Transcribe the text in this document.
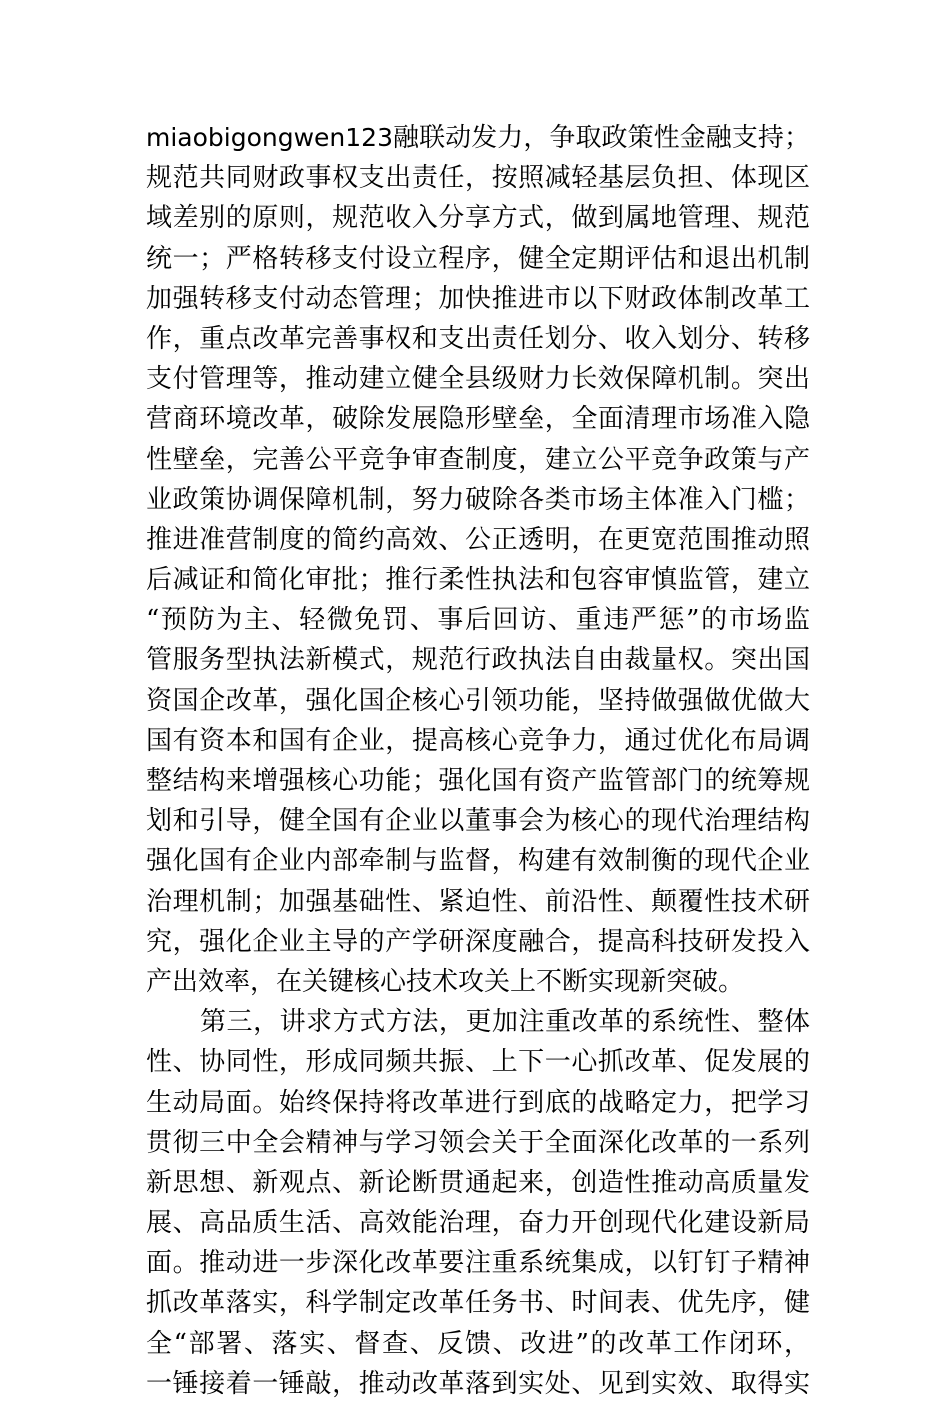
miaobigongwen123融联动发力，争取政策性金融支持；
规范共同财政事权支出责任，按照减轻基层负担、体现区
域差别的原则，规范收入分享方式，做到属地管理、规范
统一；严格转移支付设立程序，健全定期评估和退出机制
加强转移支付动态管理；加快推进市以下财政体制改革工
作，重点改革完善事权和支出责任划分、收入划分、转移
支付管理等，推动建立健全县级财力长效保障机制。突出
营商环境改革，破除发展隐形壁垒，全面清理市场准入隐
性壁垒，完善公平竞争审查制度，建立公平竞争政策与产
业政策协调保障机制，努力破除各类市场主体准入门槛；
推进准营制度的简约高效、公正透明，在更宽范围推动照
后减证和简化审批；推行柔性执法和包容审慎监管，建立
“预防为主、轻微免罚、事后回访、重违严惩”的市场监
管服务型执法新模式，规范行政执法自由裁量权。突出国
资国企改革，强化国企核心引领功能，坚持做强做优做大
国有资本和国有企业，提高核心竞争力，通过优化布局调
整结构来增强核心功能；强化国有资产监管部门的统筹规
划和引导，健全国有企业以董事会为核心的现代治理结构
强化国有企业内部牵制与监督，构建有效制衡的现代企业
治理机制；加强基础性、紧迫性、前沿性、颠覆性技术研
究，强化企业主导的产学研深度融合，提高科技研发投入
产出效率，在关键核心技术攻关上不断实现新突破。
第三，讲求方式方法，更加注重改革的系统性、整体
性、协同性，形成同频共振、上下一心抓改革、促发展的
生动局面。始终保持将改革进行到底的战略定力，把学习
贯彻三中全会精神与学习领会关于全面深化改革的一系列
新思想、新观点、新论断贯通起来，创造性推动高质量发
展、高品质生活、高效能治理，奋力开创现代化建设新局
面。推动进一步深化改革要注重系统集成，以钉钉子精神
抓改革落实，科学制定改革任务书、时间表、优先序，健
全“部署、落实、督查、反馈、改进”的改革工作闭环，
一锤接着一锤敲，推动改革落到实处、见到实效、取得实
